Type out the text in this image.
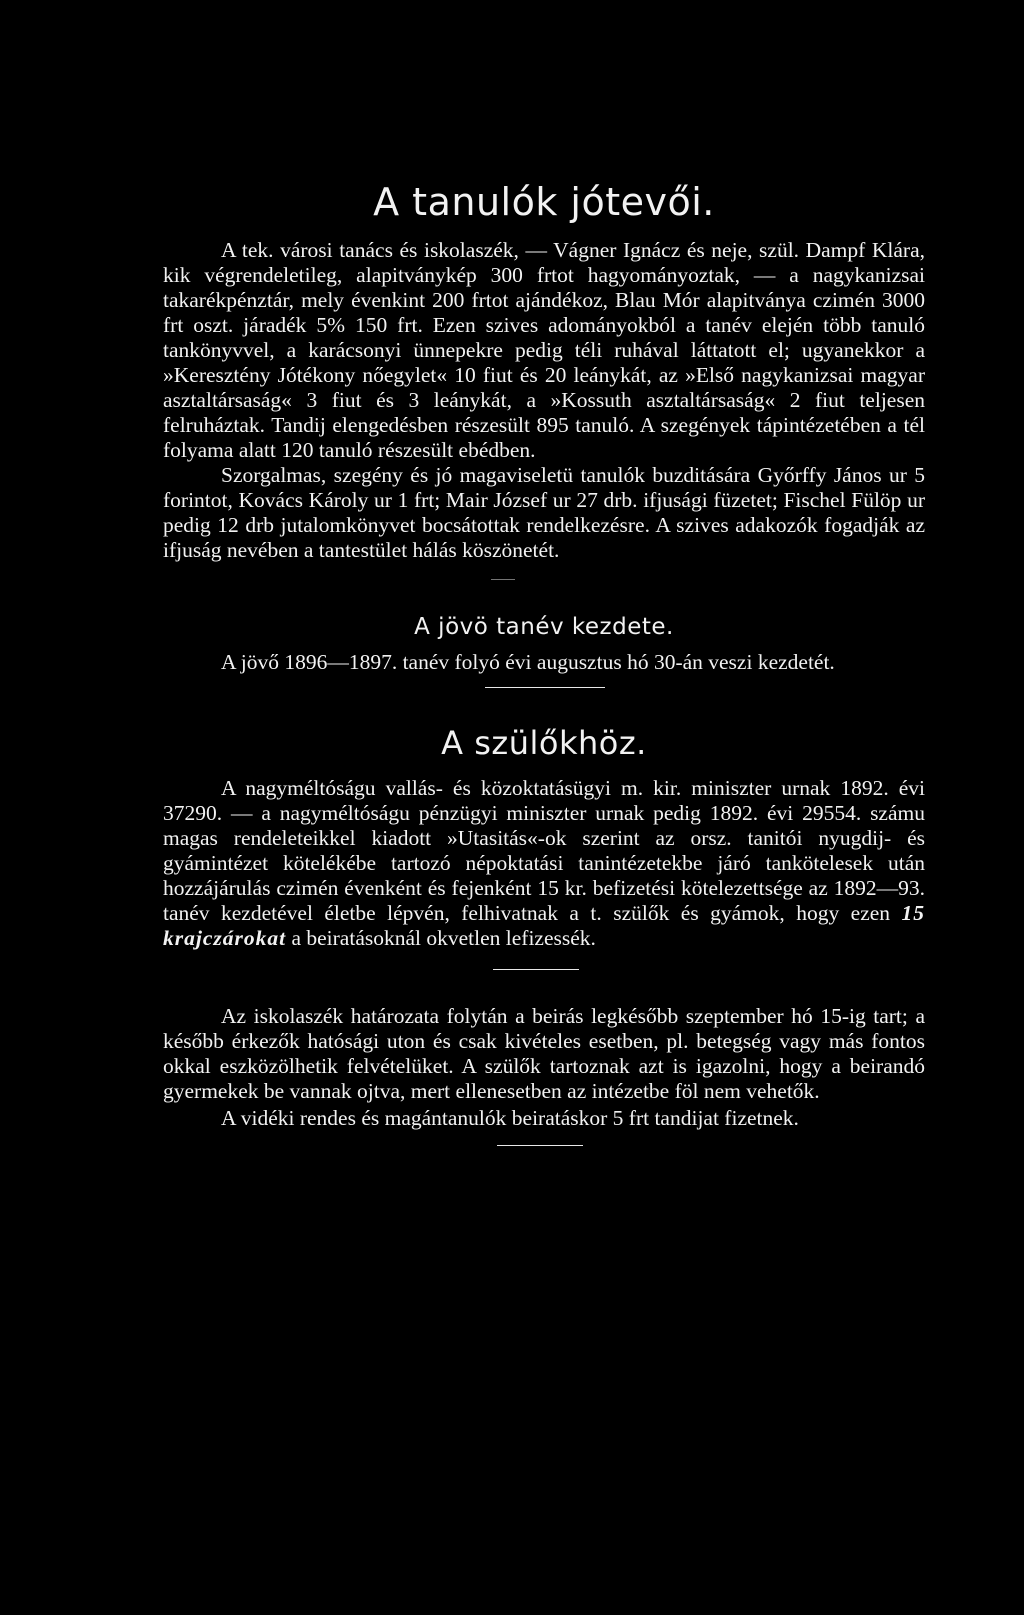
A tanulók jótevői.

A tek. városi tanács és iskolaszék, — Vágner Ignácz és neje, szül. Dampf Klára, kik végrendeletileg, alapitványkép 300 frtot hagyományoztak, — a nagykanizsai takarékpénztár, mely évenkint 200 frtot ajándékoz, Blau Mór alapitványa czimén 3000 frt oszt. járadék 5% 150 frt. Ezen szives adományokból a tanév elején több tanuló tankönyvvel, a karácsonyi ünnepekre pedig téli ruhával láttatott el; ugyanekkor a »Keresztény Jótékony nőegylet« 10 fiut és 20 leánykát, az »Első nagykanizsai magyar asztaltársaság« 3 fiut és 3 leánykát, a »Kossuth asztaltársaság« 2 fiut teljesen felruháztak. Tandij elengedésben részesült 895 tanuló. A szegények tápintézetében a tél folyama alatt 120 tanuló részesült ebédben.

Szorgalmas, szegény és jó magaviseletü tanulók buzditására Győrffy János ur 5 forintot, Kovács Károly ur 1 frt; Mair József ur 27 drb. ifjusági füzetet; Fischel Fülöp ur pedig 12 drb jutalomkönyvet bocsátottak rendelkezésre. A szives adakozók fogadják az ifjuság nevében a tantestület hálás köszönetét.

A jövö tanév kezdete.

A jövő 1896—1897. tanév folyó évi augusztus hó 30-án veszi kezdetét.

A szülőkhöz.

A nagyméltóságu vallás- és közoktatásügyi m. kir. miniszter urnak 1892. évi 37290. — a nagyméltóságu pénzügyi miniszter urnak pedig 1892. évi 29554. számu magas rendeleteikkel kiadott »Utasitás«-ok szerint az orsz. tanitói nyugdij- és gyámintézet kötelékébe tartozó népoktatási tanintézetekbe járó tankötelesek után hozzájárulás czimén évenként és fejenként 15 kr. befizetési kötelezettsége az 1892—93. tanév kezdetével életbe lépvén, felhivatnak a t. szülők és gyámok, hogy ezen 15 krajczárokat a beiratásoknál okvetlen lefizessék.

Az iskolaszék határozata folytán a beirás legkésőbb szeptember hó 15-ig tart; a később érkezők hatósági uton és csak kivételes esetben, pl. betegség vagy más fontos okkal eszközölhetik felvételüket. A szülők tartoznak azt is igazolni, hogy a beirandó gyermekek be vannak ojtva, mert ellenesetben az intézetbe föl nem vehetők.

A vidéki rendes és magántanulók beiratáskor 5 frt tandijat fizetnek.
